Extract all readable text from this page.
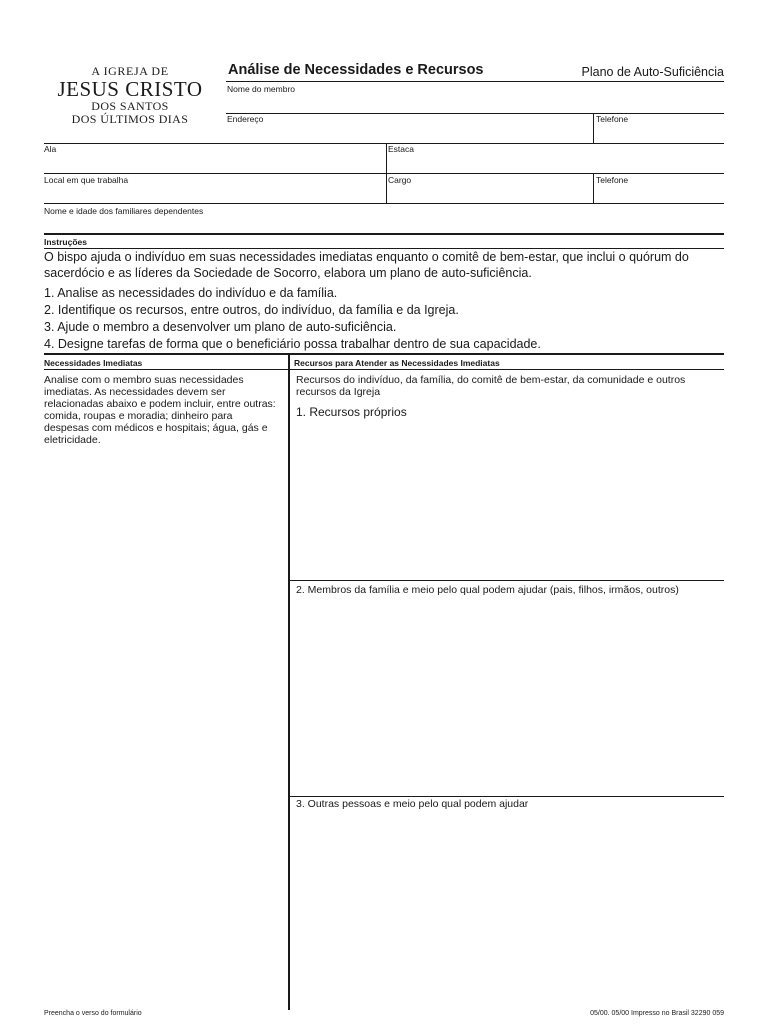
A IGREJA DE
JESUS CRISTO
DOS SANTOS
DOS ÚLTIMOS DIAS
Análise de Necessidades e Recursos	Plano de Auto-Suficiência
Nome do membro
Endereço	Telefone
Ala	Estaca
Local em que trabalha	Cargo	Telefone
Nome e idade dos familiares dependentes
Instruções
O bispo ajuda o indivíduo em suas necessidades imediatas enquanto o comitê de bem-estar, que inclui o quórum do sacerdócio e as líderes da Sociedade de Socorro, elabora um plano de auto-suficiência.
1. Analise as necessidades do indivíduo e da família.
2. Identifique os recursos, entre outros, do indivíduo, da família e da Igreja.
3. Ajude o membro a desenvolver um plano de auto-suficiência.
4. Designe tarefas de forma que o beneficiário possa trabalhar dentro de sua capacidade.
Necessidades Imediatas	Recursos para Atender as Necessidades Imediatas
Analise com o membro suas necessidades imediatas. As necessidades devem ser relacionadas abaixo e podem incluir, entre outras: comida, roupas e moradia; dinheiro para despesas com médicos e hospitais; água, gás e eletricidade.
Recursos do indivíduo, da família, do comitê de bem-estar, da comunidade e outros recursos da Igreja
1. Recursos próprios
2. Membros da família e meio pelo qual podem ajudar (pais, filhos, irmãos, outros)
3. Outras pessoas e meio pelo qual podem ajudar
Preencha o verso do formulário	05/00. 05/00 Impresso no Brasil 32290 059
